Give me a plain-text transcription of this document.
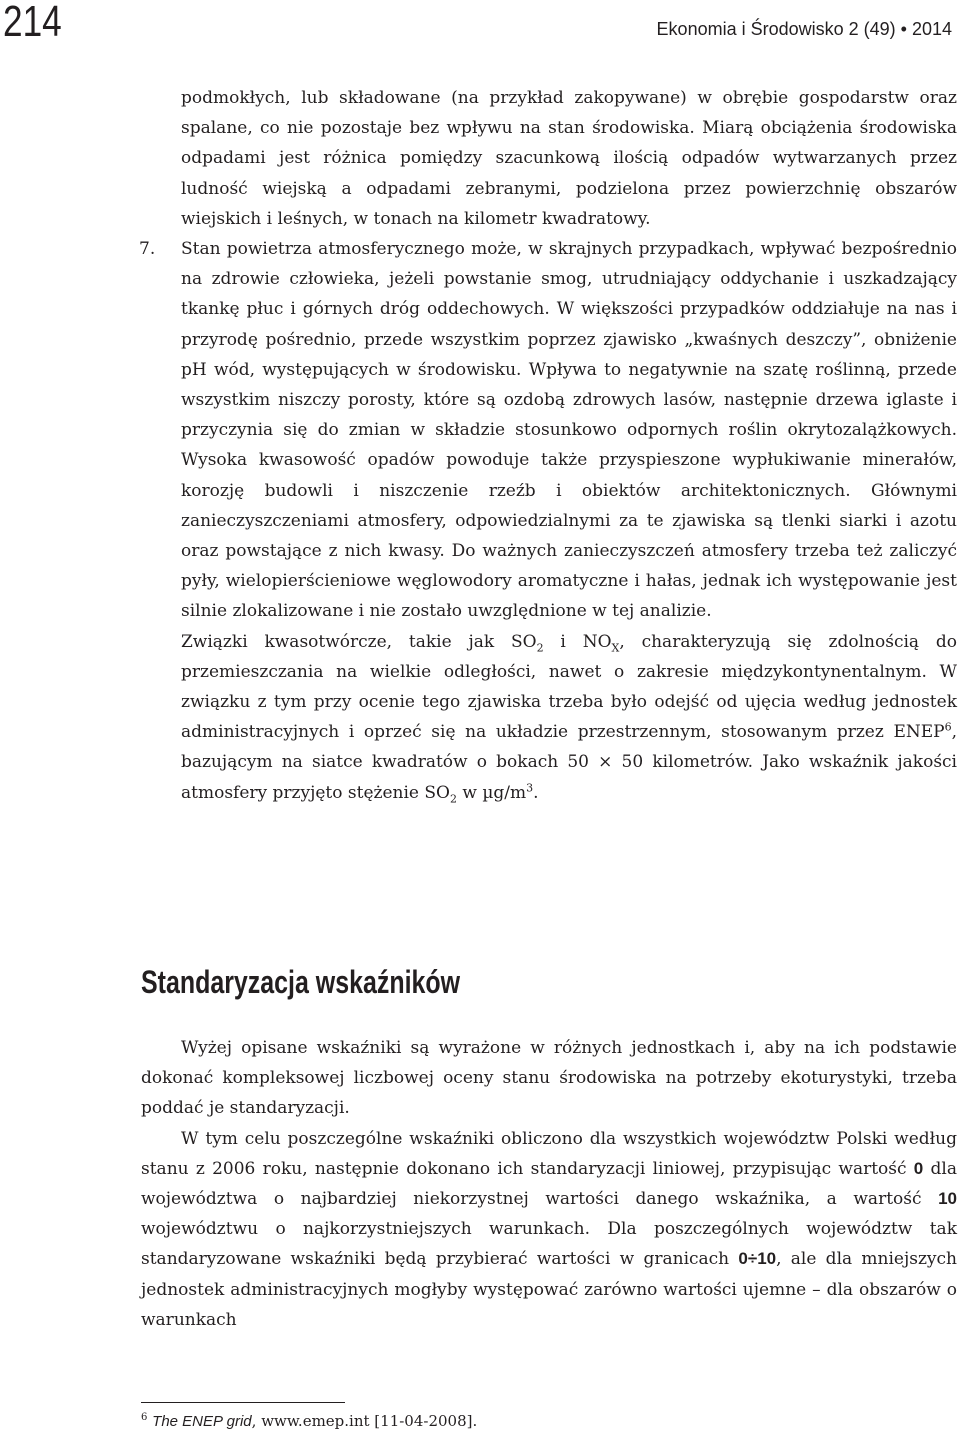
214	Ekonomia i Środowisko 2 (49) • 2014

podmokłych, lub składowane (na przykład zakopywane) w obrębie gospodarstw oraz spalane, co nie pozostaje bez wpływu na stan środowiska. Miarą obciążenia środowiska odpadami jest różnica pomiędzy szacunkową ilością odpadów wytwarzanych przez ludność wiejską a odpadami zebranymi, podzielona przez powierzchnię obszarów wiejskich i leśnych, w tonach na kilometr kwadratowy.

7. Stan powietrza atmosferycznego może, w skrajnych przypadkach, wpływać bezpośrednio na zdrowie człowieka, jeżeli powstanie smog, utrudniający oddychanie i uszkadzający tkankę płuc i górnych dróg oddechowych. W większości przypadków oddziałuje na nas i przyrodę pośrednio, przede wszystkim poprzez zjawisko „kwaśnych deszczy”, obniżenie pH wód, występujących w środowisku. Wpływa to negatywnie na szatę roślinną, przede wszystkim niszczy porosty, które są ozdobą zdrowych lasów, następnie drzewa iglaste i przyczynia się do zmian w składzie stosunkowo odpornych roślin okrytozalążkowych. Wysoka kwasowość opadów powoduje także przyspieszone wypłukiwanie minerałów, korozję budowli i niszczenie rzeźb i obiektów architektonicznych. Głównymi zanieczyszczeniami atmosfery, odpowiedzialnymi za te zjawiska są tlenki siarki i azotu oraz powstające z nich kwasy. Do ważnych zanieczyszczeń atmosfery trzeba też zaliczyć pyły, wielopierścieniowe węglowodory aromatyczne i hałas, jednak ich występowanie jest silnie zlokalizowane i nie zostało uwzględnione w tej analizie.

Związki kwasotwórcze, takie jak $SO_2$ i $NO_X$, charakteryzują się zdolnością do przemieszczania na wielkie odległości, nawet o zakresie międzykontynentalnym. W związku z tym przy ocenie tego zjawiska trzeba było odejść od ujęcia według jednostek administracyjnych i oprzeć się na układzie przestrzennym, stosowanym przez ENEP$^6$, bazującym na siatce kwadratów o bokach 50 × 50 kilometrów. Jako wskaźnik jakości atmosfery przyjęto stężenie $SO_2$ w $\mu g/m^3$.

Standaryzacja wskaźników

Wyżej opisane wskaźniki są wyrażone w różnych jednostkach i, aby na ich podstawie dokonać kompleksowej liczbowej oceny stanu środowiska na potrzeby ekoturystyki, trzeba poddać je standaryzacji.

W tym celu poszczególne wskaźniki obliczono dla wszystkich województw Polski według stanu z 2006 roku, następnie dokonano ich standaryzacji liniowej, przypisując wartość 0 dla województwa o najbardziej niekorzystnej wartości danego wskaźnika, a wartość 10 województwu o najkorzystniejszych warunkach. Dla poszczególnych województw tak standaryzowane wskaźniki będą przybierać wartości w granicach 0÷10, ale dla mniejszych jednostek administracyjnych mogłyby występować zarówno wartości ujemne – dla obszarów o warunkach

$^6$ The ENEP grid, www.emep.int [11-04-2008].
